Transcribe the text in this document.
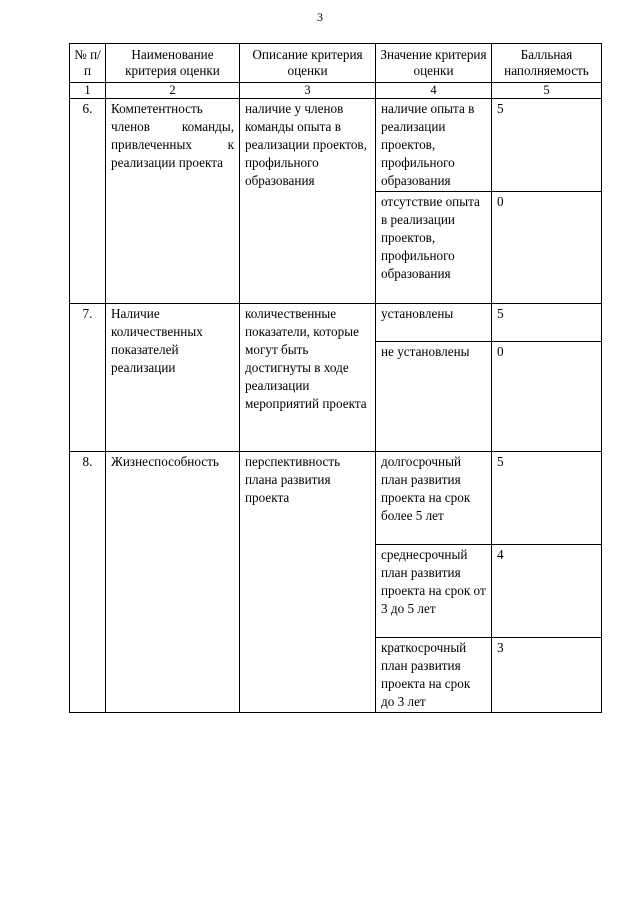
3
№ п/п	Наименование критерия оценки	Описание критерия оценки	Значение критерия оценки	Балльная наполняемость
1	2	3	4	5
6.	Компетентность членов команды, привлеченных к реализации проекта	наличие у членов команды опыта в реализации проектов, профильного образования	наличие опыта в реализации проектов, профильного образования	5
			отсутствие опыта в реализации проектов, профильного образования	0
7.	Наличие количественных показателей реализации	количественные показатели, которые могут быть достигнуты в ходе реализации мероприятий проекта	установлены	5
			не установлены	0
8.	Жизнеспособность	перспективность плана развития проекта	долгосрочный план развития проекта на срок более 5 лет	5
			среднесрочный план развития проекта на срок от 3 до 5 лет	4
			краткосрочный план развития проекта на срок до 3 лет	3
